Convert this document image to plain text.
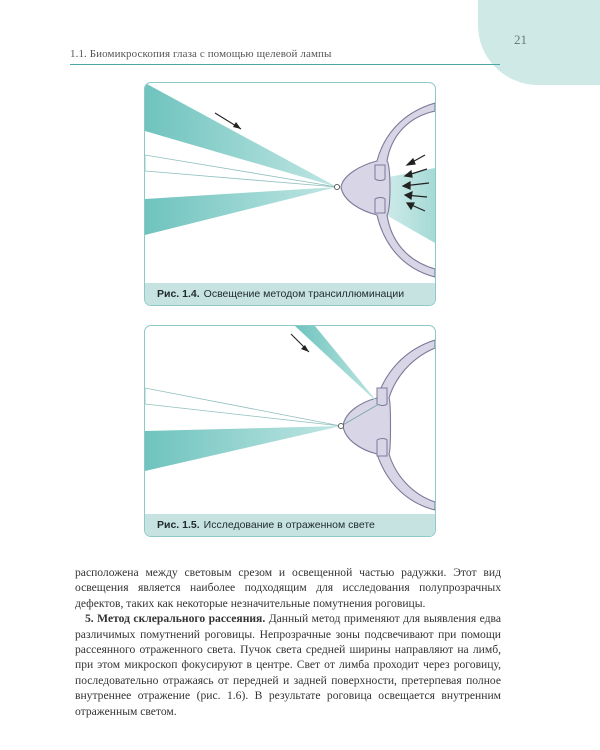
21
1.1. Биомикроскопия глаза с помощью щелевой лампы
Рис. 1.4. Освещение методом трансиллюминации
Рис. 1.5. Исследование в отраженном свете

расположена между световым срезом и освещенной частью радужки. Этот вид освещения является наиболее подходящим для исследования полупрозрачных дефектов, таких как некоторые незначительные помутнения роговицы.

5. Метод склерального рассеяния. Данный метод применяют для выявления едва различимых помутнений роговицы. Непрозрачные зоны подсвечивают при помощи рассеянного отраженного света. Пучок света средней ширины направляют на лимб, при этом микроскоп фокусируют в центре. Свет от лимба проходит через роговицу, последовательно отражаясь от передней и задней поверхности, претерпевая полное внутреннее отражение (рис. 1.6). В результате роговица освещается внутренним отраженным светом.
